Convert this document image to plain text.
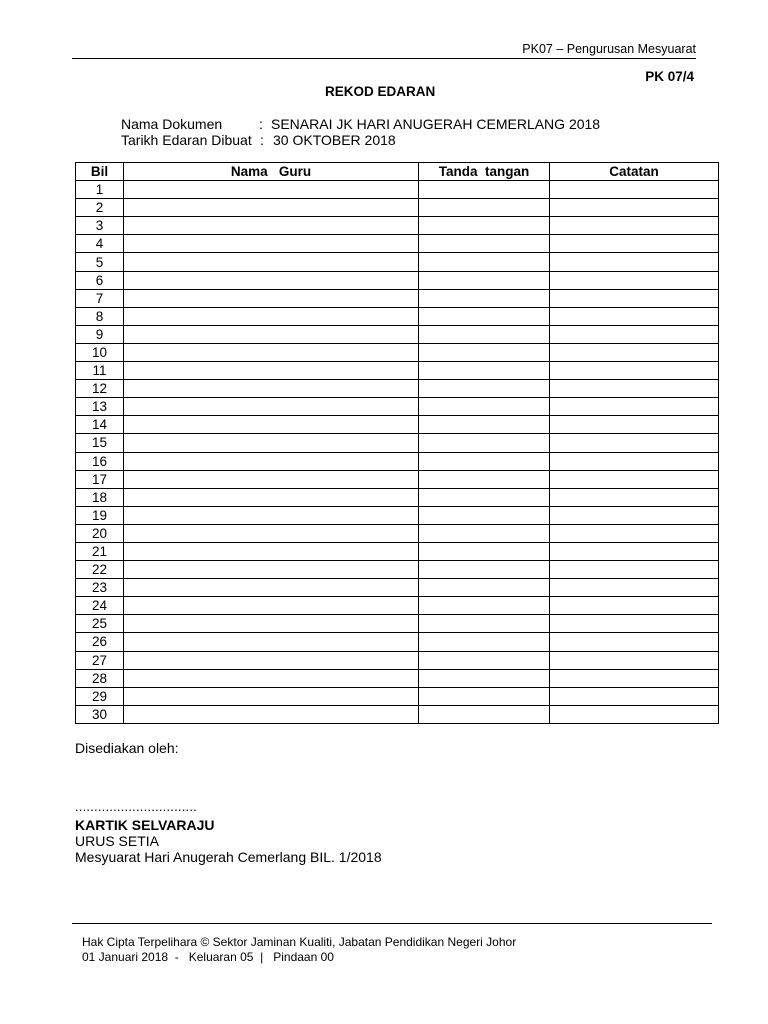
PK07 – Pengurusan Mesyuarat
PK 07/4
REKOD EDARAN
Nama Dokumen	: SENARAI JK HARI ANUGERAH CEMERLANG 2018
Tarikh Edaran Dibuat : 30 OKTOBER 2018
Bil	Nama   Guru	Tanda  tangan	Catatan
1			
2			
3			
4			
5			
6			
7			
8			
9			
10			
11			
12			
13			
14			
15			
16			
17			
18			
19			
20			
21			
22			
23			
24			
25			
26			
27			
28			
29			
30			
Disediakan oleh:
................................
KARTIK SELVARAJU
URUS SETIA
Mesyuarat Hari Anugerah Cemerlang BIL. 1/2018
Hak Cipta Terpelihara © Sektor Jaminan Kualiti, Jabatan Pendidikan Negeri Johor
01 Januari 2018  -   Keluaran 05  |   Pindaan 00
